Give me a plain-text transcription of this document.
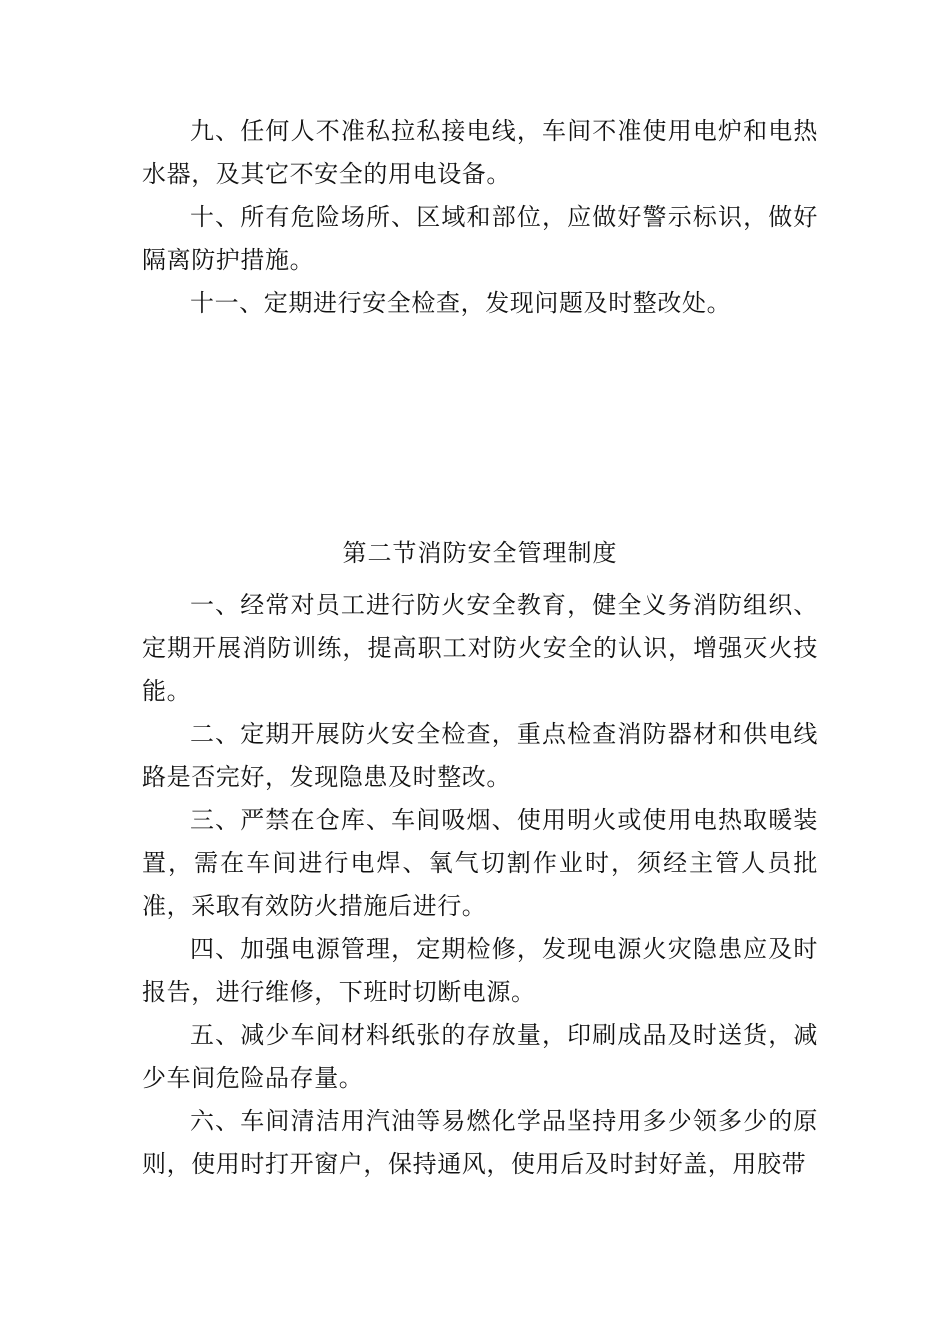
九、任何人不准私拉私接电线，车间不准使用电炉和电热水器，及其它不安全的用电设备。

十、所有危险场所、区域和部位，应做好警示标识，做好隔离防护措施。

十一、定期进行安全检查，发现问题及时整改处。

第二节消防安全管理制度

一、经常对员工进行防火安全教育，健全义务消防组织、定期开展消防训练，提高职工对防火安全的认识，增强灭火技能。

二、定期开展防火安全检查，重点检查消防器材和供电线路是否完好，发现隐患及时整改。

三、严禁在仓库、车间吸烟、使用明火或使用电热取暖装置，需在车间进行电焊、氧气切割作业时，须经主管人员批准，采取有效防火措施后进行。

四、加强电源管理，定期检修，发现电源火灾隐患应及时报告，进行维修，下班时切断电源。

五、减少车间材料纸张的存放量，印刷成品及时送货，减少车间危险品存量。

六、车间清洁用汽油等易燃化学品坚持用多少领多少的原则，使用时打开窗户，保持通风，使用后及时封好盖，用胶带
